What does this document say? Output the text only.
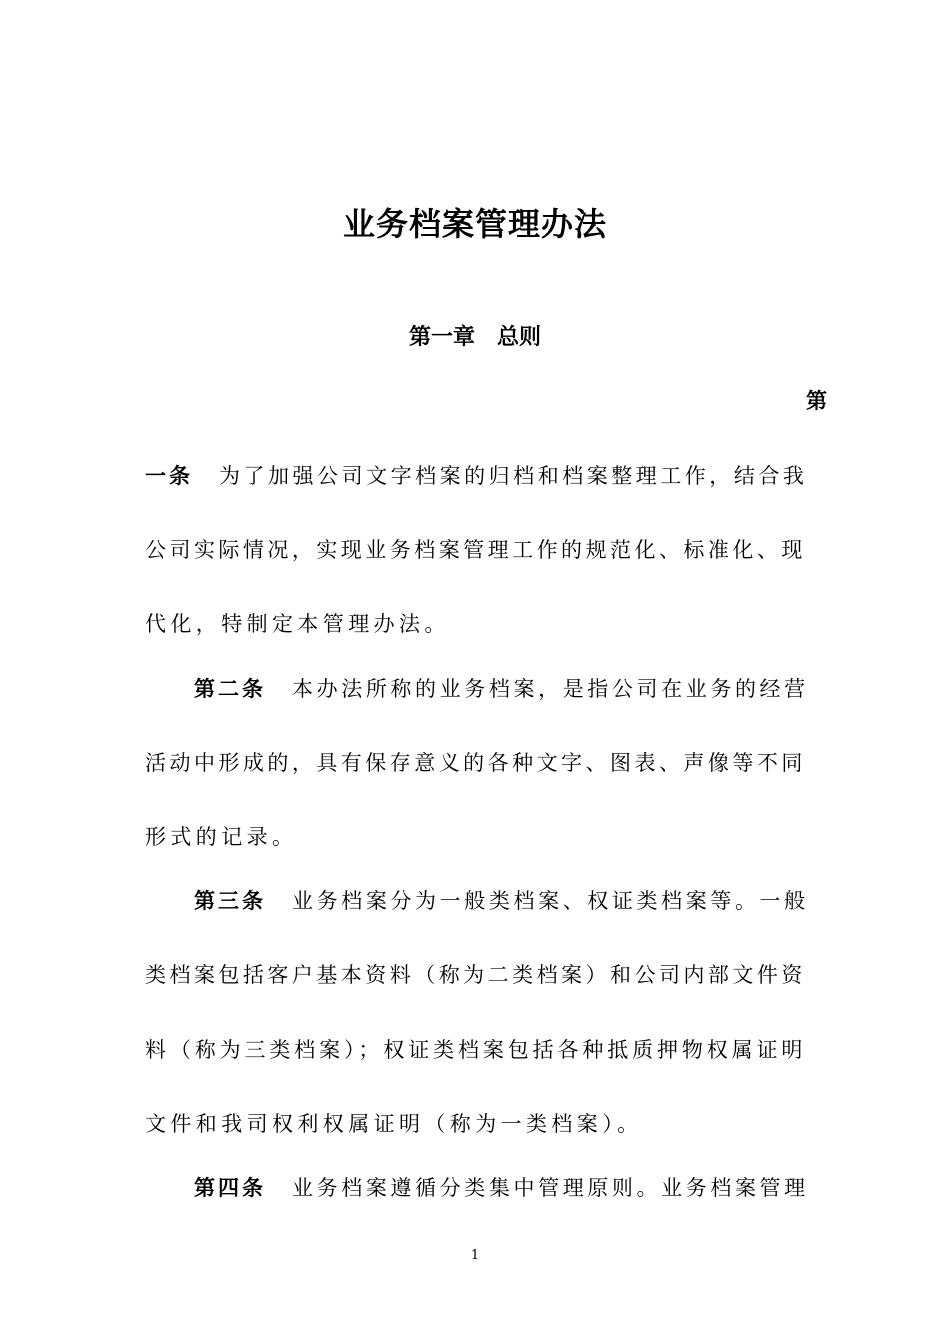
业务档案管理办法
第一章　总则
第
一条 为了加强公司文字档案的归档和档案整理工作，结合我
公司实际情况，实现业务档案管理工作的规范化、标准化、现
代化，特制定本管理办法。
第二条 本办法所称的业务档案，是指公司在业务的经营
活动中形成的，具有保存意义的各种文字、图表、声像等不同
形式的记录。
第三条 业务档案分为一般类档案、权证类档案等。一般
类档案包括客户基本资料（称为二类档案）和公司内部文件资
料（称为三类档案）；权证类档案包括各种抵质押物权属证明
文件和我司权利权属证明（称为一类档案）。
第四条 业务档案遵循分类集中管理原则。业务档案管理
1
